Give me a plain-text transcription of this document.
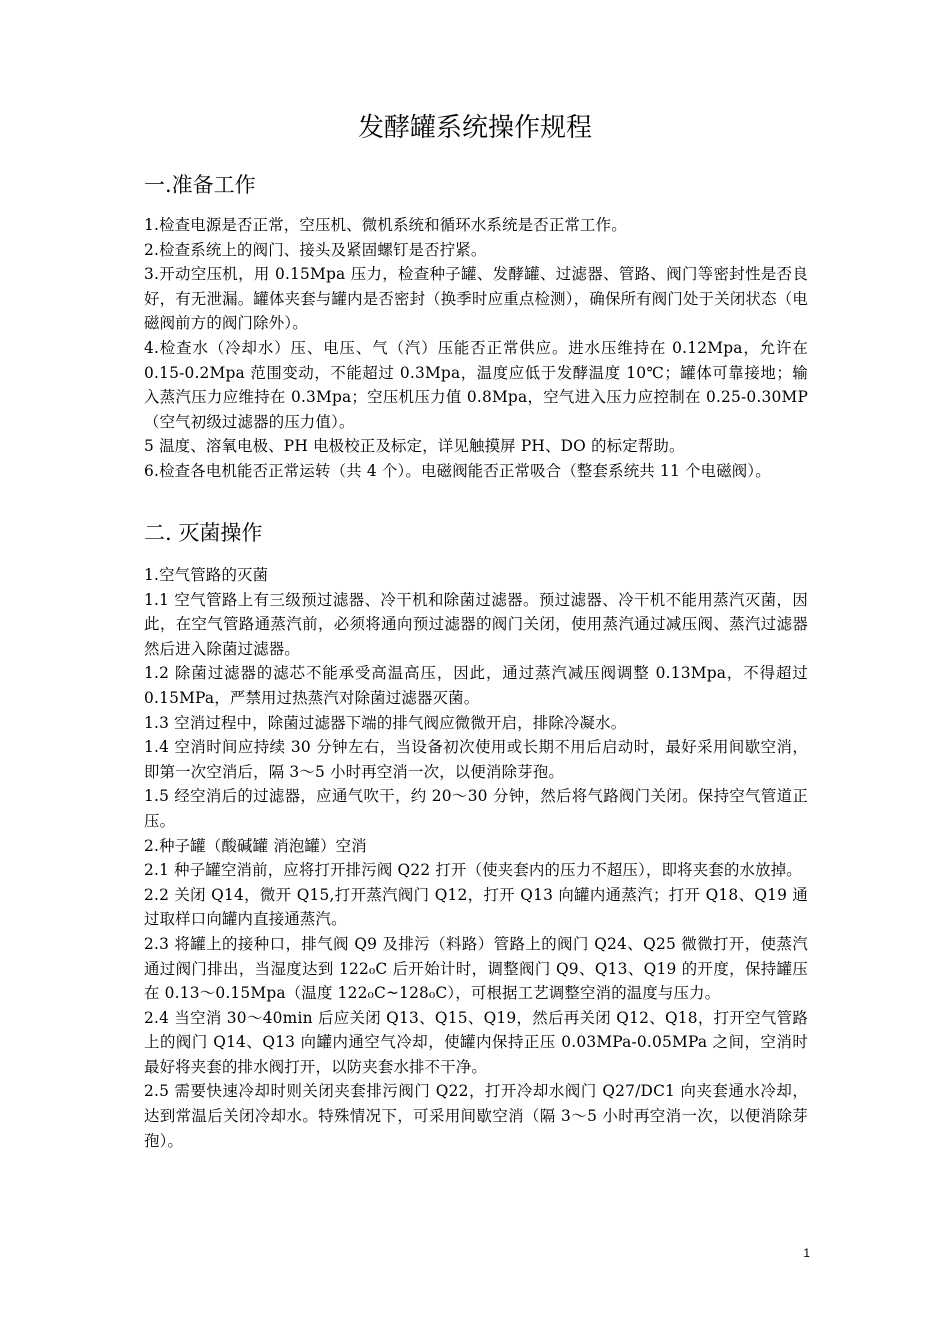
发酵罐系统操作规程
一.准备工作

1.检查电源是否正常，空压机、微机系统和循环水系统是否正常工作。

2.检查系统上的阀门、接头及紧固螺钉是否拧紧。

3.开动空压机，用 0.15Mpa 压力，检查种子罐、发酵罐、过滤器、管路、阀门等密封性是否良好，有无泄漏。罐体夹套与罐内是否密封（换季时应重点检测），确保所有阀门处于关闭状态（电磁阀前方的阀门除外）。

4.检查水（冷却水）压、电压、气（汽）压能否正常供应。进水压维持在 0.12Mpa，允许在 0.15-0.2Mpa 范围变动，不能超过 0.3Mpa，温度应低于发酵温度 10℃；罐体可靠接地；输入蒸汽压力应维持在 0.3Mpa；空压机压力值 0.8Mpa，空气进入压力应控制在 0.25-0.30MP（空气初级过滤器的压力值）。

5 温度、溶氧电极、PH 电极校正及标定，详见触摸屏 PH、DO 的标定帮助。

6.检查各电机能否正常运转（共 4 个）。电磁阀能否正常吸合（整套系统共 11 个电磁阀）。

二. 灭菌操作

1.空气管路的灭菌

1.1 空气管路上有三级预过滤器、冷干机和除菌过滤器。预过滤器、冷干机不能用蒸汽灭菌，因此，在空气管路通蒸汽前，必须将通向预过滤器的阀门关闭，使用蒸汽通过减压阀、蒸汽过滤器然后进入除菌过滤器。

1.2 除菌过滤器的滤芯不能承受高温高压，因此，通过蒸汽减压阀调整 0.13Mpa，不得超过 0.15MPa，严禁用过热蒸汽对除菌过滤器灭菌。

1.3 空消过程中，除菌过滤器下端的排气阀应微微开启，排除冷凝水。

1.4 空消时间应持续 30 分钟左右，当设备初次使用或长期不用后启动时，最好采用间歇空消，即第一次空消后，隔 3～5 小时再空消一次，以便消除芽孢。

1.5 经空消后的过滤器，应通气吹干，约 20～30 分钟，然后将气路阀门关闭。保持空气管道正压。

2.种子罐（酸碱罐 消泡罐）空消

2.1 种子罐空消前，应将打开排污阀 Q22 打开（使夹套内的压力不超压），即将夹套的水放掉。

2.2 关闭 Q14，微开 Q15,打开蒸汽阀门 Q12，打开 Q13 向罐内通蒸汽；打开 Q18、Q19 通过取样口向罐内直接通蒸汽。

2.3 将罐上的接种口，排气阀 Q9 及排污（料路）管路上的阀门 Q24、Q25 微微打开，使蒸汽通过阀门排出，当湿度达到 122₀C 后开始计时，调整阀门 Q9、Q13、Q19 的开度，保持罐压在 0.13～0.15Mpa（温度 122₀C~128₀C），可根据工艺调整空消的温度与压力。

2.4 当空消 30～40min 后应关闭 Q13、Q15、Q19，然后再关闭 Q12、Q18，打开空气管路上的阀门 Q14、Q13 向罐内通空气冷却，使罐内保持正压 0.03MPa-0.05MPa 之间，空消时最好将夹套的排水阀打开，以防夹套水排不干净。

2.5 需要快速冷却时则关闭夹套排污阀门 Q22，打开冷却水阀门 Q27/DC1 向夹套通水冷却，达到常温后关闭冷却水。特殊情况下，可采用间歇空消（隔 3～5 小时再空消一次，以便消除芽孢）。

1
